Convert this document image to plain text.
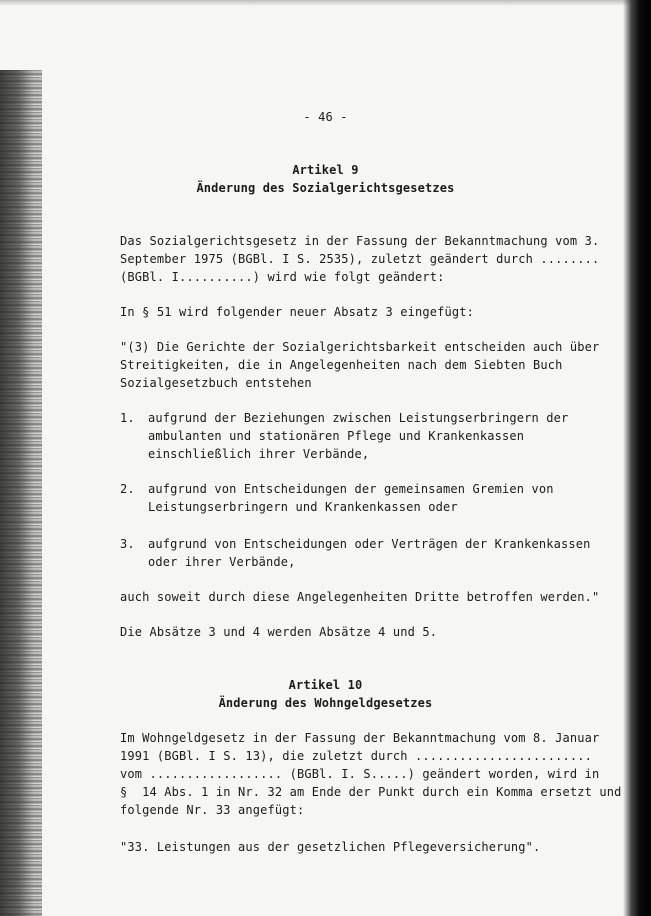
- 46 -
Artikel 9
Änderung des Sozialgerichtsgesetzes
Das Sozialgerichtsgesetz in der Fassung der Bekanntmachung vom 3.
September 1975 (BGBl. I S. 2535), zuletzt geändert durch ........
(BGBl. I..........) wird wie folgt geändert:
In § 51 wird folgender neuer Absatz 3 eingefügt:
"(3) Die Gerichte der Sozialgerichtsbarkeit entscheiden auch über
Streitigkeiten, die in Angelegenheiten nach dem Siebten Buch
Sozialgesetzbuch entstehen
1. aufgrund der Beziehungen zwischen Leistungserbringern der
ambulanten und stationären Pflege und Krankenkassen
einschließlich ihrer Verbände,
2. aufgrund von Entscheidungen der gemeinsamen Gremien von
Leistungserbringern und Krankenkassen oder
3. aufgrund von Entscheidungen oder Verträgen der Krankenkassen
oder ihrer Verbände,
auch soweit durch diese Angelegenheiten Dritte betroffen werden."
Die Absätze 3 und 4 werden Absätze 4 und 5.
Artikel 10
Änderung des Wohngeldgesetzes
Im Wohngeldgesetz in der Fassung der Bekanntmachung vom 8. Januar
1991 (BGBl. I S. 13), die zuletzt durch ........................
vom .................. (BGBl. I. S.....) geändert worden, wird in
§  14 Abs. 1 in Nr. 32 am Ende der Punkt durch ein Komma ersetzt und
folgende Nr. 33 angefügt:
"33. Leistungen aus der gesetzlichen Pflegeversicherung".
